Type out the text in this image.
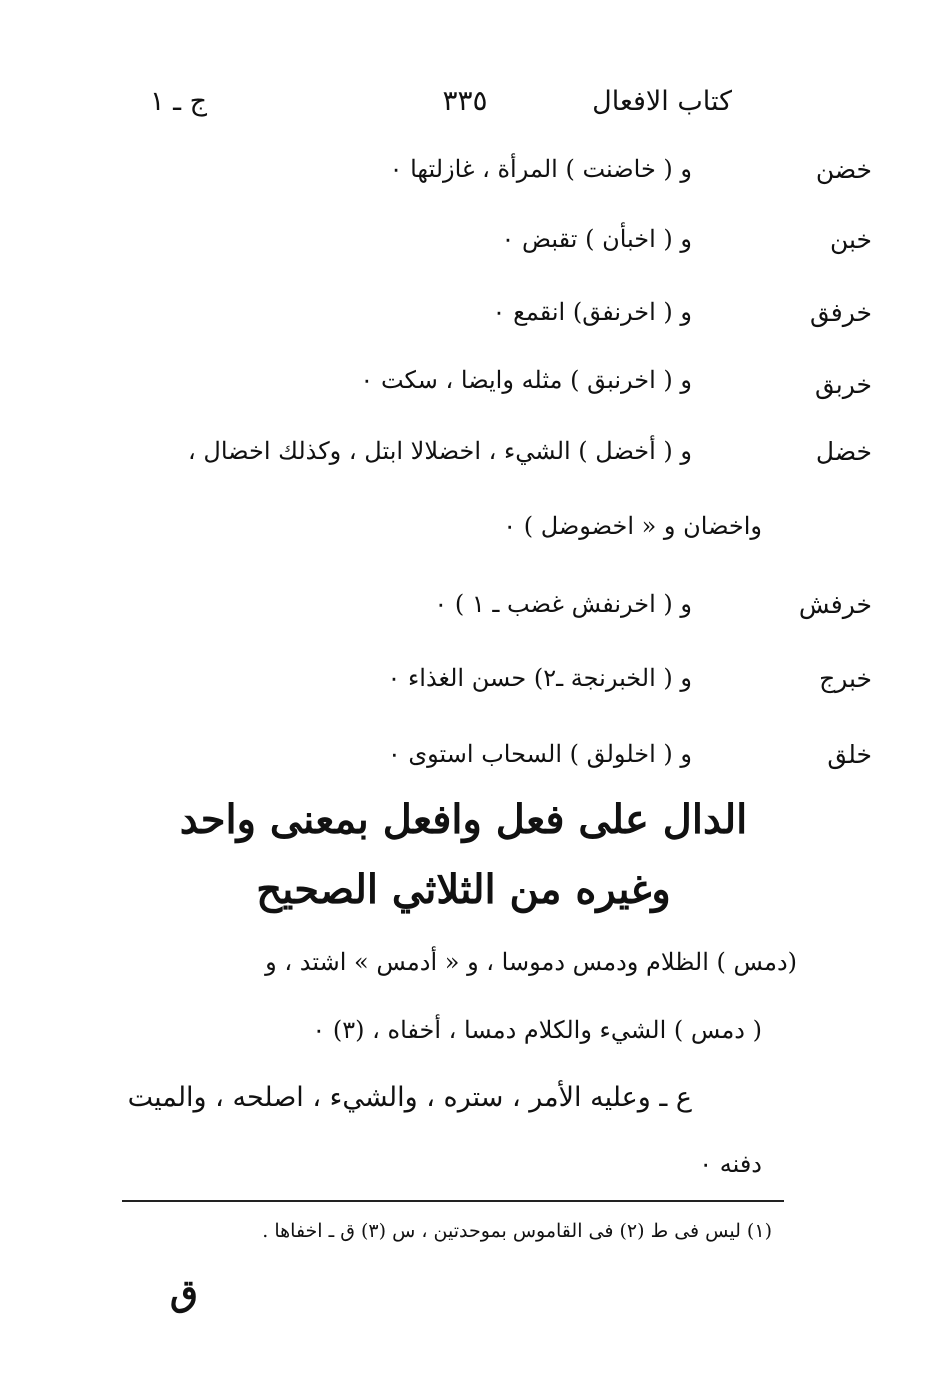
كتاب الافعال
٣٣٥
ج ـ ١
خضن
و ( خاضنت ) المرأة ، غازلتها ٠
خبن
و ( اخبأن ) تقبض ٠
خرفق
و ( اخرنفق) انقمع ٠
خربق
و ( اخرنبق ) مثله وايضا ، سكت ٠
خضل
و ( أخضل ) الشيء ، اخضلالا ابتل ، وكذلك اخضال ،
واخضان و « اخضوضل ) ٠
خرفش
و ( اخرنفش غضب ـ ١ ) ٠
خبرج
و ( الخبرنجة ـ٢) حسن الغذاء ٠
خلق
و ( اخلولق ) السحاب استوى ٠
الدال على فعل وافعل بمعنى واحد
وغيره من الثلاثي الصحيح
(دمس ) الظلام ودمس دموسا ، و « أدمس » اشتد ، و
( دمس ) الشيء والكلام دمسا ، أخفاه ، (٣) ٠
ع ـ وعليه الأمر ، ستره ، والشيء ، اصلحه ، والميت
دفنه ٠
(١) ليس فى ط (٢) فى القاموس بموحدتين ، س (٣) ق ـ اخفاها .
ق
